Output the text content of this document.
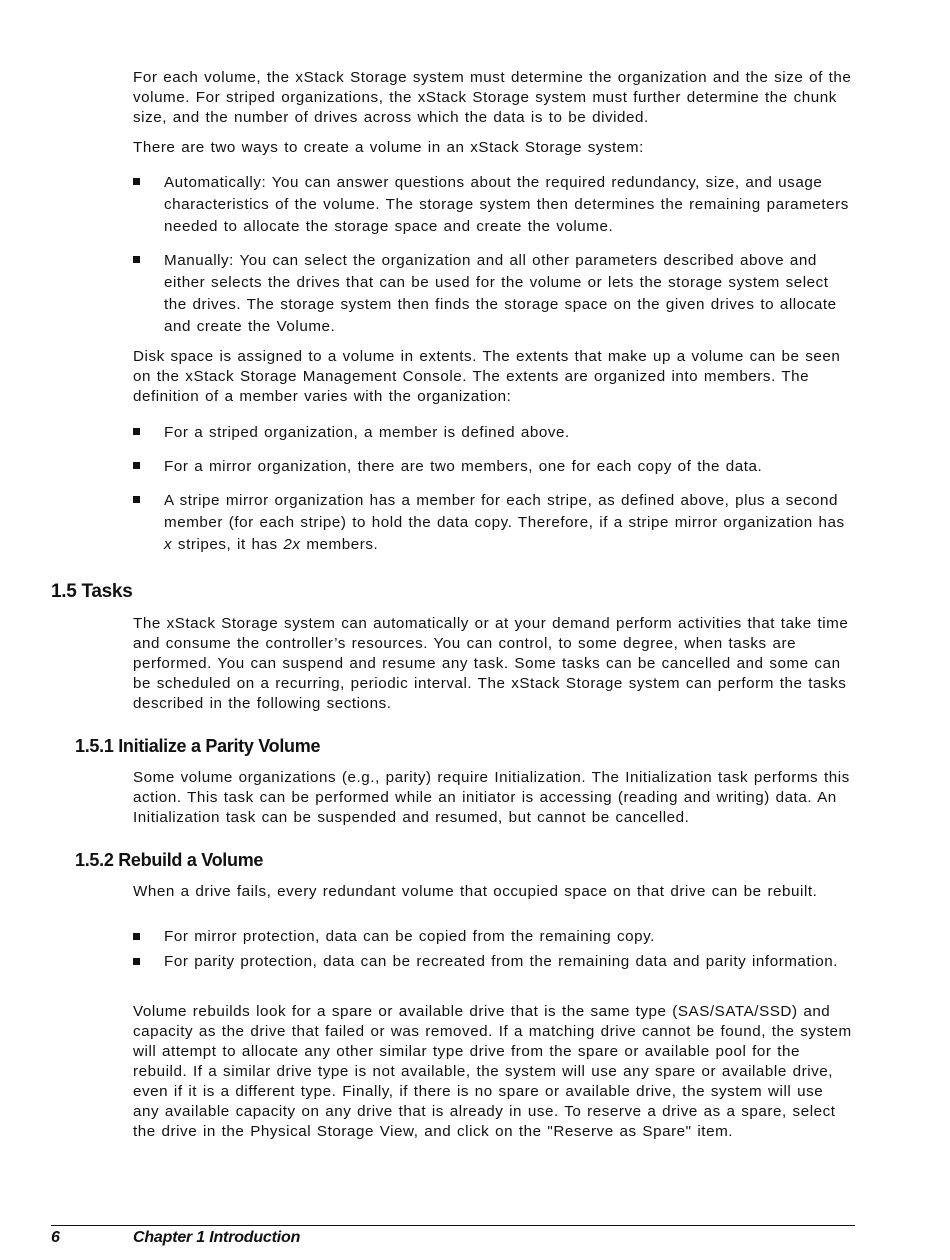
For each volume, the xStack Storage system must determine the organization and the size of the volume. For striped organizations, the xStack Storage system must further determine the chunk size, and the number of drives across which the data is to be divided.

There are two ways to create a volume in an xStack Storage system:

Automatically: You can answer questions about the required redundancy, size, and usage characteristics of the volume. The storage system then determines the remaining parameters needed to allocate the storage space and create the volume.

Manually: You can select the organization and all other parameters described above and either selects the drives that can be used for the volume or lets the storage system select the drives. The storage system then finds the storage space on the given drives to allocate and create the Volume.

Disk space is assigned to a volume in extents. The extents that make up a volume can be seen on the xStack Storage Management Console. The extents are organized into members. The definition of a member varies with the organization:

For a striped organization, a member is defined above.

For a mirror organization, there are two members, one for each copy of the data.

A stripe mirror organization has a member for each stripe, as defined above, plus a second member (for each stripe) to hold the data copy. Therefore, if a stripe mirror organization has x stripes, it has 2x members.

1.5 Tasks

The xStack Storage system can automatically or at your demand perform activities that take time and consume the controller’s resources. You can control, to some degree, when tasks are performed. You can suspend and resume any task. Some tasks can be cancelled and some can be scheduled on a recurring, periodic interval. The xStack Storage system can perform the tasks described in the following sections.

1.5.1 Initialize a Parity Volume

Some volume organizations (e.g., parity) require Initialization. The Initialization task performs this action. This task can be performed while an initiator is accessing (reading and writing) data. An Initialization task can be suspended and resumed, but cannot be cancelled.

1.5.2 Rebuild a Volume

When a drive fails, every redundant volume that occupied space on that drive can be rebuilt.

For mirror protection, data can be copied from the remaining copy.

For parity protection, data can be recreated from the remaining data and parity information.

Volume rebuilds look for a spare or available drive that is the same type (SAS/SATA/SSD) and capacity as the drive that failed or was removed. If a matching drive cannot be found, the system will attempt to allocate any other similar type drive from the spare or available pool for the rebuild. If a similar drive type is not available, the system will use any spare or available drive, even if it is a different type. Finally, if there is no spare or available drive, the system will use any available capacity on any drive that is already in use. To reserve a drive as a spare, select the drive in the Physical Storage View, and click on the "Reserve as Spare" item.

6	Chapter 1 Introduction
